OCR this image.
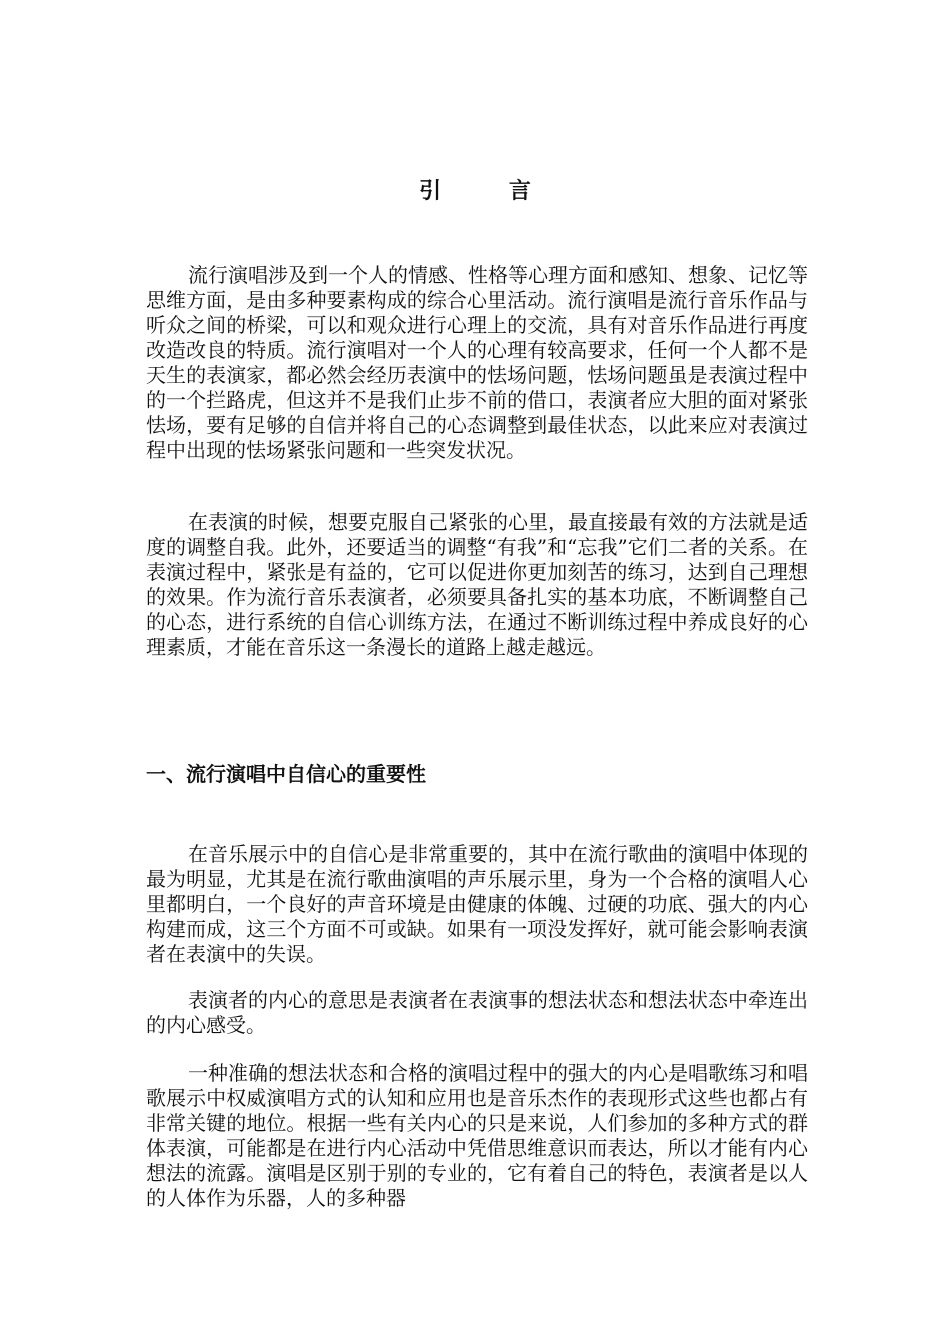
引 言

流行演唱涉及到一个人的情感、性格等心理方面和感知、想象、记忆等思维方面，是由多种要素构成的综合心里活动。流行演唱是流行音乐作品与听众之间的桥梁，可以和观众进行心理上的交流，具有对音乐作品进行再度改造改良的特质。流行演唱对一个人的心理有较高要求，任何一个人都不是天生的表演家，都必然会经历表演中的怯场问题，怯场问题虽是表演过程中的一个拦路虎，但这并不是我们止步不前的借口，表演者应大胆的面对紧张怯场，要有足够的自信并将自己的心态调整到最佳状态，以此来应对表演过程中出现的怯场紧张问题和一些突发状况。

在表演的时候，想要克服自己紧张的心里，最直接最有效的方法就是适度的调整自我。此外，还要适当的调整“有我”和“忘我”它们二者的关系。在表演过程中，紧张是有益的，它可以促进你更加刻苦的练习，达到自己理想的效果。作为流行音乐表演者，必须要具备扎实的基本功底，不断调整自己的心态，进行系统的自信心训练方法，在通过不断训练过程中养成良好的心理素质，才能在音乐这一条漫长的道路上越走越远。

一、流行演唱中自信心的重要性

在音乐展示中的自信心是非常重要的，其中在流行歌曲的演唱中体现的最为明显，尤其是在流行歌曲演唱的声乐展示里，身为一个合格的演唱人心里都明白，一个良好的声音环境是由健康的体魄、过硬的功底、强大的内心构建而成，这三个方面不可或缺。如果有一项没发挥好，就可能会影响表演者在表演中的失误。

表演者的内心的意思是表演者在表演事的想法状态和想法状态中牵连出的内心感受。

一种准确的想法状态和合格的演唱过程中的强大的内心是唱歌练习和唱歌展示中权威演唱方式的认知和应用也是音乐杰作的表现形式这些也都占有非常关键的地位。根据一些有关内心的只是来说，人们参加的多种方式的群体表演，可能都是在进行内心活动中凭借思维意识而表达，所以才能有内心想法的流露。演唱是区别于别的专业的，它有着自己的特色，表演者是以人的人体作为乐器，人的多种器
